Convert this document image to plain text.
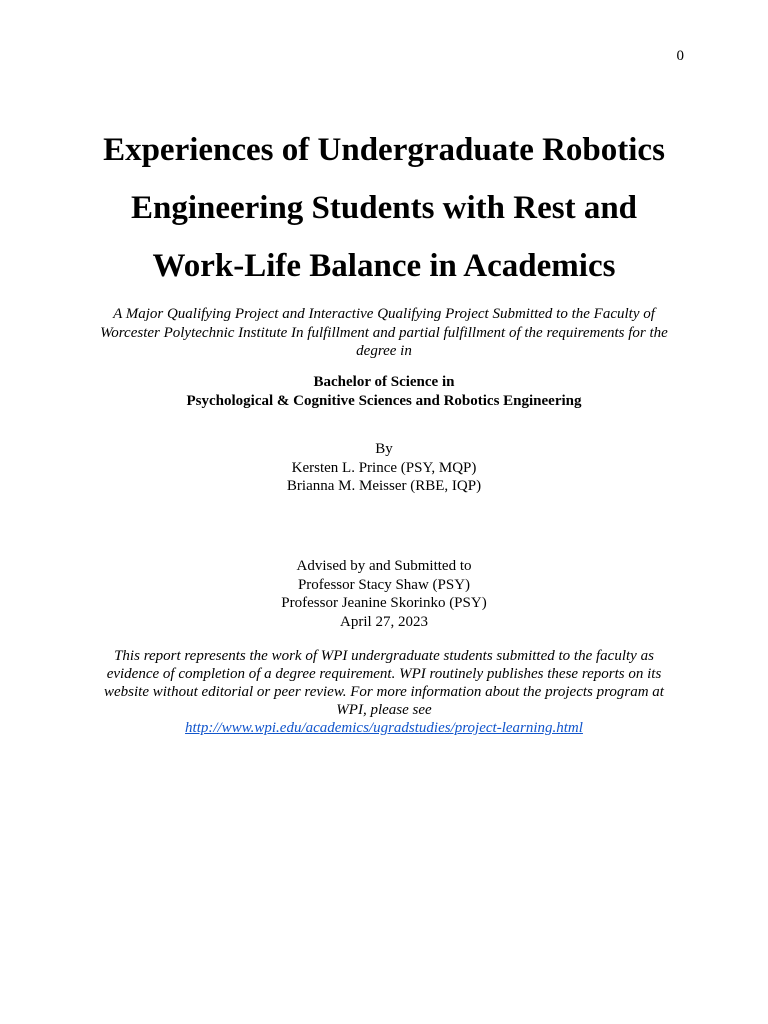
0
Experiences of Undergraduate Robotics
Engineering Students with Rest and
Work-Life Balance in Academics

A Major Qualifying Project and Interactive Qualifying Project Submitted to the Faculty of
Worcester Polytechnic Institute In fulfillment and partial fulfillment of the requirements for the
degree in

Bachelor of Science in
Psychological & Cognitive Sciences and Robotics Engineering
By
Kersten L. Prince (PSY, MQP)
Brianna M. Meisser (RBE, IQP)
Advised by and Submitted to
Professor Stacy Shaw (PSY)
Professor Jeanine Skorinko (PSY)
April 27, 2023
This report represents the work of WPI undergraduate students submitted to the faculty as
evidence of completion of a degree requirement. WPI routinely publishes these reports on its
website without editorial or peer review. For more information about the projects program at
WPI, please see
http://www.wpi.edu/academics/ugradstudies/project-learning.html
